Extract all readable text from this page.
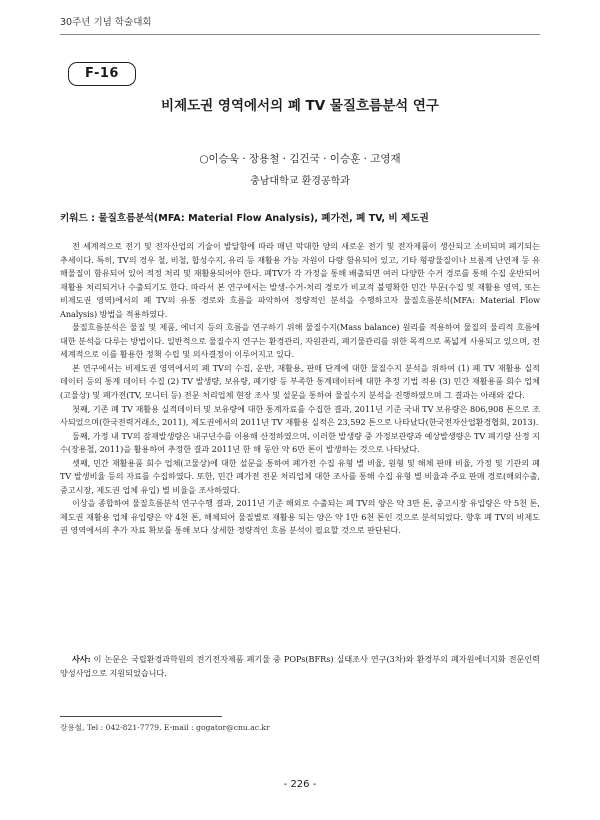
30주년 기념 학술대회
F-16
비제도권 영역에서의 폐 TV 물질흐름분석 연구
○이승욱 · 장용철 · 김건국 · 이승훈 · 고영재
충남대학교 환경공학과
키워드 : 물질흐름분석(MFA: Material Flow Analysis), 폐가전, 폐 TV, 비 제도권

전 세계적으로 전기 및 전자산업의 기술이 발달함에 따라 매년 막대한 양의 새로운 전기 및 전자제품이 생산되고 소비되며 폐기되는 추세이다. 특히, TV의 경우 철, 비철, 합성수지, 유리 등 재활용 가능 자원이 다량 함유되어 있고, 기타 형광물질이나 브롬계 난연제 등 유해물질이 함유되어 있어 적정 처리 및 재활용되어야 한다. 폐TV가 각 가정을 통해 배출되면 여러 다양한 수거 경로를 통해 수집 운반되어 재활용 처리되거나 수출되기도 한다. 따라서 본 연구에서는 발생-수거-처리 경로가 비교적 불명확한 민간 부문(수집 및 재활용 영역, 또는 비제도권 영역)에서의 폐 TV의 유통 경로와 흐름을 파악하여 정량적인 분석을 수행하고자 물질흐름분석(MFA: Material Flow Analysis) 방법을 적용하였다.

물질흐름분석은 물질 및 제품, 에너지 등의 흐름을 연구하기 위해 물질수지(Mass balance) 원리를 적용하여 물질의 물리적 흐름에 대한 분석을 다루는 방법이다. 일반적으로 물질수지 연구는 환경관리, 자원관리, 폐기물관리를 위한 목적으로 폭넓게 사용되고 있으며, 전 세계적으로 이를 활용한 정책 수립 및 의사결정이 이루어지고 있다.

본 연구에서는 비제도권 영역에서의 폐 TV의 수집, 운반, 재활용, 판매 단계에 대한 물질수지 분석을 위하여 (1) 폐 TV 재활용 실적 데이터 등의 통계 데이터 수집 (2) TV 발생량, 보유량, 폐기량 등 부족한 통계데이터에 대한 추정 기법 적용 (3) 민간 재활용품 회수 업체(고물상) 및 폐가전(TV, 모니터 등) 전문 처리업체 현장 조사 및 설문을 통하여 물질수지 분석을 진행하였으며 그 결과는 아래와 같다.

첫째, 기존 폐 TV 재활용 실적데이터 및 보유량에 대한 통계자료를 수집한 결과, 2011년 기준 국내 TV 보유량은 806,908 톤으로 조사되었으며(한국전력거래소, 2011), 제도권에서의 2011년 TV 재활용 실적은 23,592 톤으로 나타났다(한국전자산업환경협회, 2013).

둘째, 가정 내 TV의 잠재발생량은 내구년수를 이용해 산정하였으며, 이러한 발생량 중 가정보관량과 예상발생량은 TV 폐기량 산정 지수(장용철, 2011)을 활용하여 추정한 결과 2011년 한 해 동안 약 6만 톤이 발생하는 것으로 나타났다.

셋째, 민간 재활용품 회수 업체(고물상)에 대한 설문을 통하여 폐가전 수집 유형 별 비율, 원형 및 해체 판매 비율, 가정 및 기관의 폐 TV 발생비율 등의 자료를 수집하였다. 또한, 민간 폐가전 전문 처리업체 대한 조사를 통해 수집 유형 별 비율과 주요 판매 경로(해외수출, 중고시장, 제도권 업체 유입) 별 비율을 조사하였다.

이상을 종합하여 물질흐름분석 연구수행 결과, 2011년 기준 해외로 수출되는 폐 TV의 양은 약 3만 톤, 중고시장 유입량은 약 5천 톤, 제도권 재활용 업체 유입량은 약 4천 톤, 해체되어 물질별로 재활용 되는 양은 약 1만 6천 톤인 것으로 분석되었다. 향후 폐 TV의 비제도권 영역에서의 추가 자료 확보를 통해 보다 상세한 정량적인 흐름 분석이 필요할 것으로 판단된다.

사사: 이 논문은 국립환경과학원의 전기전자제품 폐기물 중 POPs(BFRs) 실태조사 연구(3차)와 환경부의 폐자원에너지화 전문인력양성사업으로 지원되었습니다.

장용철, Tel : 042-821-7779, E-mail : gogator@cnu.ac.kr
- 226 -
